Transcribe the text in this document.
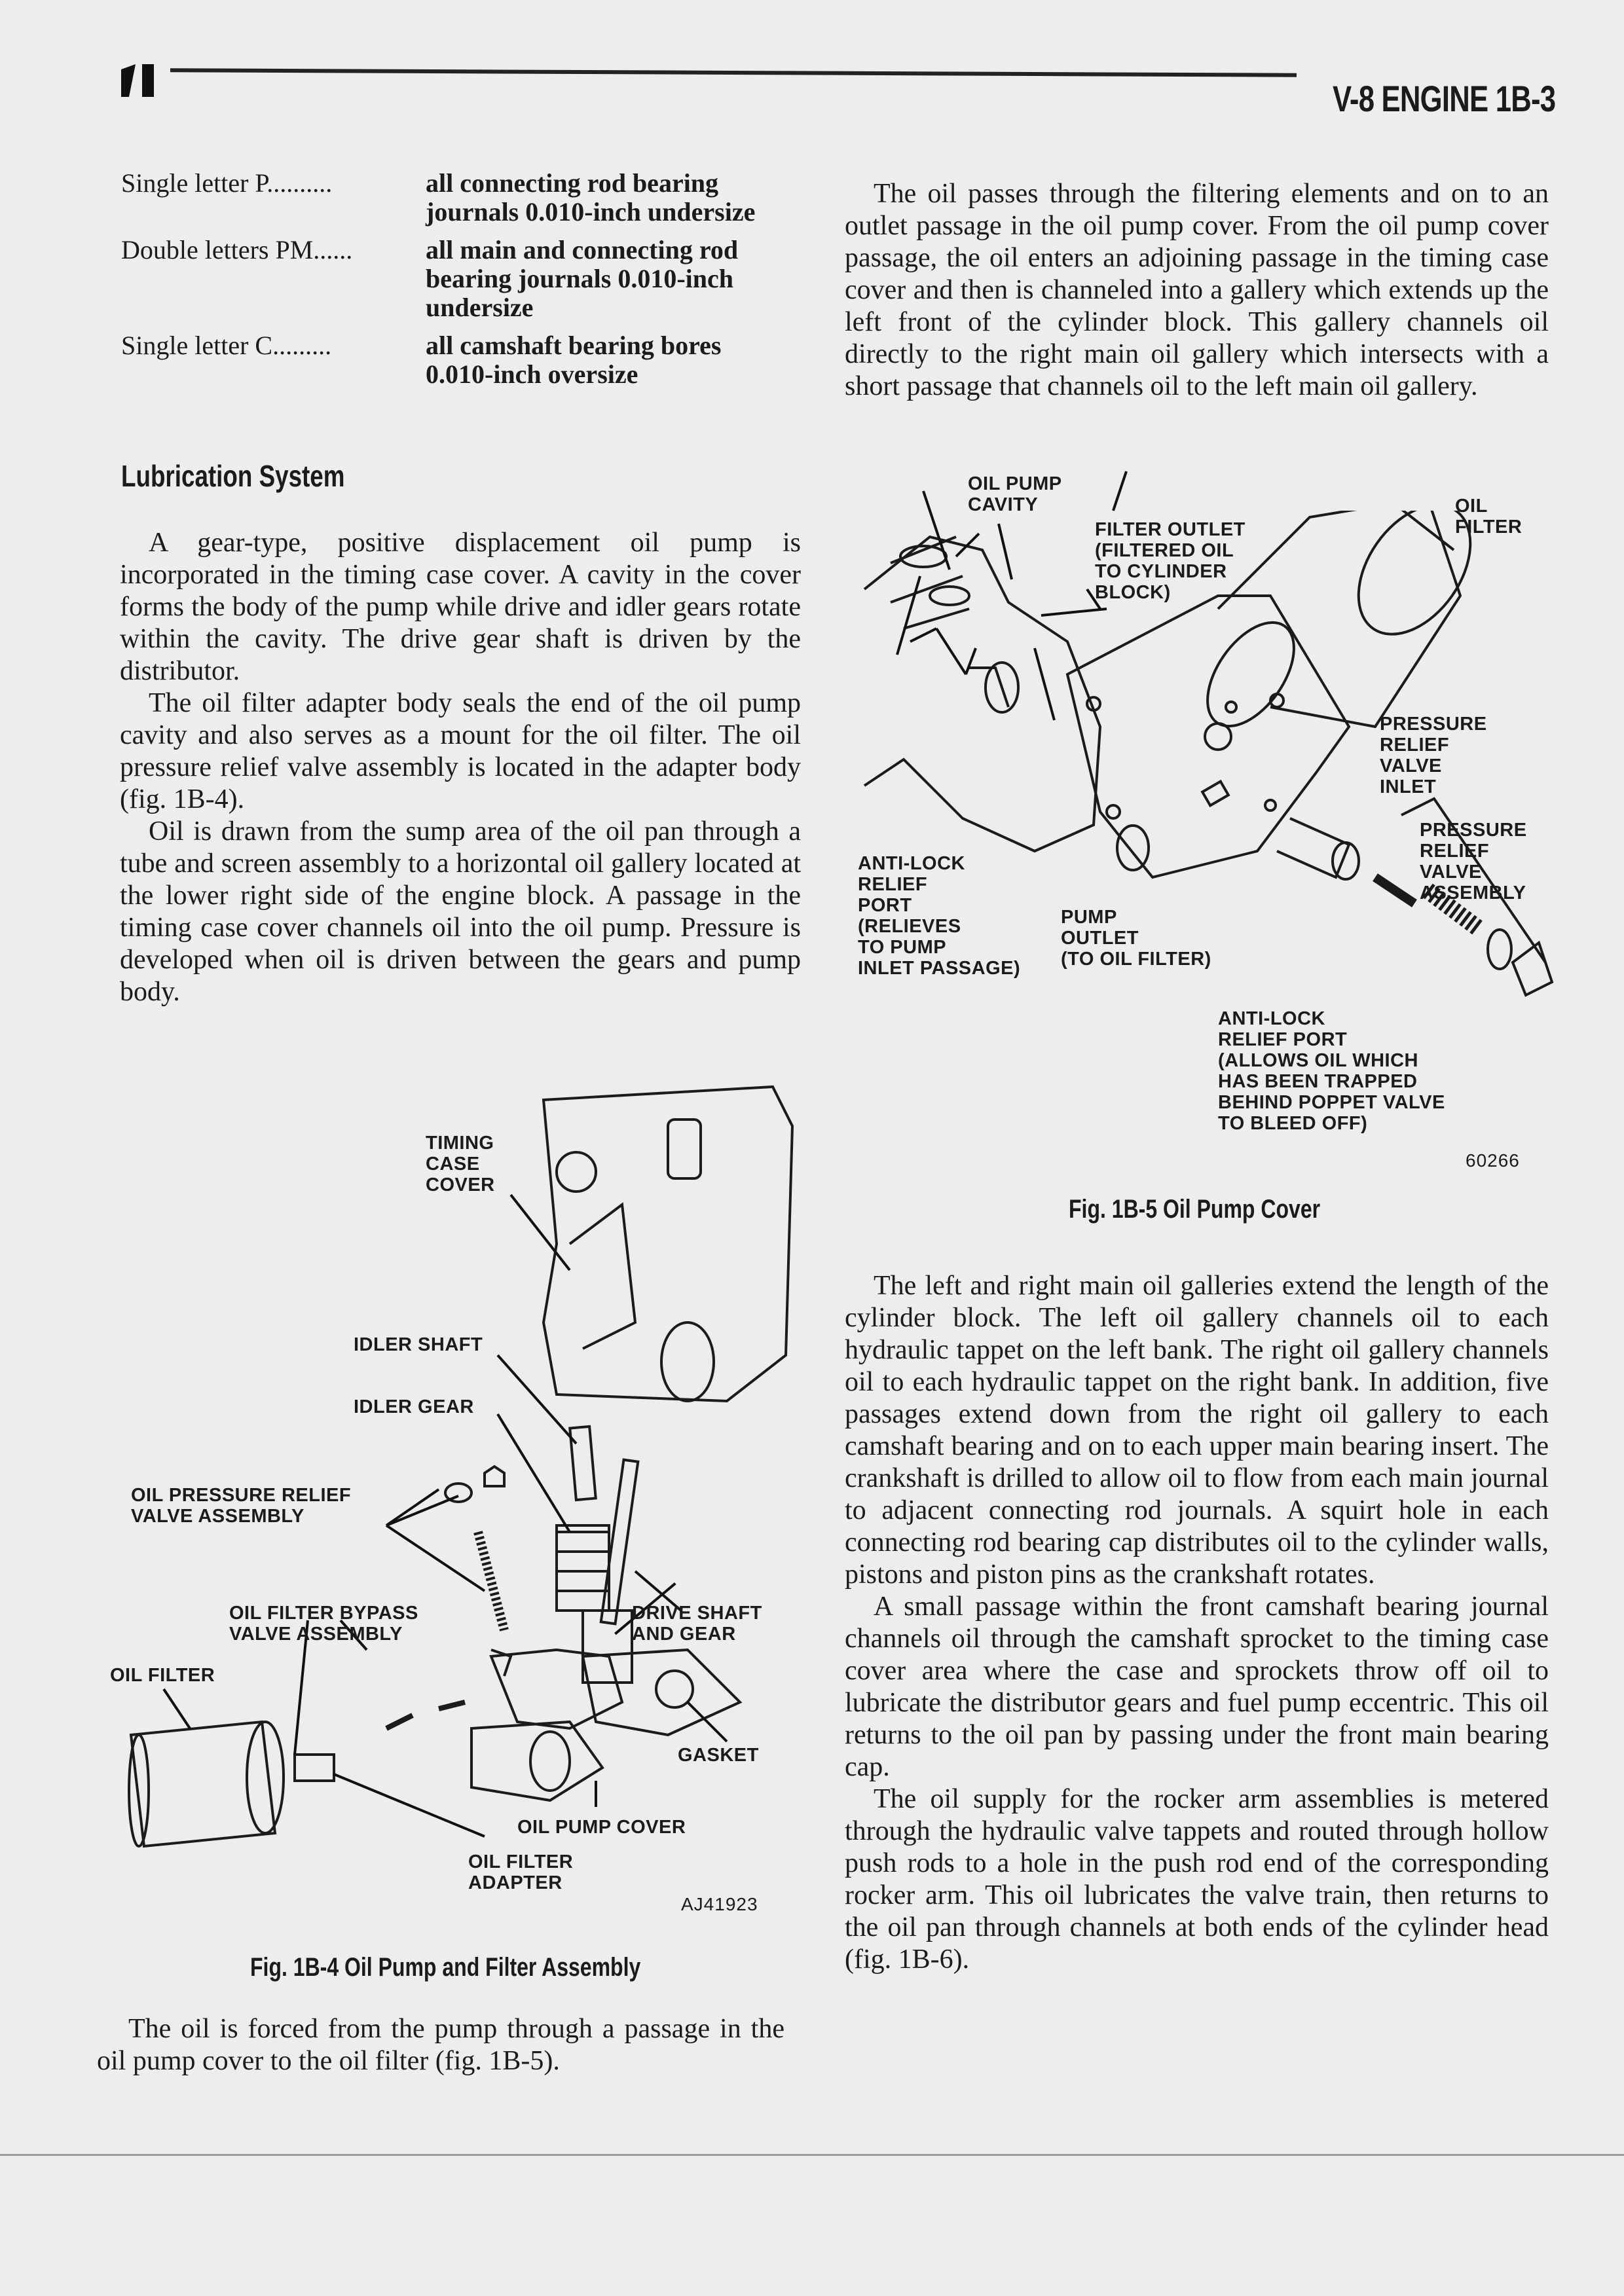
V-8 ENGINE 1B-3
Single letter P..........	all connecting rod bearing journals 0.010-inch undersize
Double letters PM......	all main and connecting rod bearing journals 0.010-inch undersize
Single letter C.........	all camshaft bearing bores 0.010-inch oversize
Lubrication System

A gear-type, positive displacement oil pump is incorporated in the timing case cover. A cavity in the cover forms the body of the pump while drive and idler gears rotate within the cavity. The drive gear shaft is driven by the distributor.

The oil filter adapter body seals the end of the oil pump cavity and also serves as a mount for the oil filter. The oil pressure relief valve assembly is located in the adapter body (fig. 1B-4).

Oil is drawn from the sump area of the oil pan through a tube and screen assembly to a horizontal oil gallery located at the lower right side of the engine block. A passage in the timing case cover channels oil into the oil pump. Pressure is developed when oil is driven between the gears and pump body.

The oil passes through the filtering elements and on to an outlet passage in the oil pump cover. From the oil pump cover passage, the oil enters an adjoining passage in the timing case cover and then is channeled into a gallery which extends up the left front of the cylinder block. This gallery channels oil directly to the right main oil gallery which intersects with a short passage that channels oil to the left main oil gallery.

OIL PUMP
CAVITY
FILTER OUTLET
(FILTERED OIL
TO CYLINDER
BLOCK)
OIL
FILTER
PRESSURE
RELIEF
VALVE
INLET
PRESSURE
RELIEF
VALVE
ASSEMBLY
ANTI-LOCK
RELIEF
PORT
(RELIEVES
TO PUMP
INLET PASSAGE)
PUMP
OUTLET
(TO OIL FILTER)
ANTI-LOCK
RELIEF PORT
(ALLOWS OIL WHICH
HAS BEEN TRAPPED
BEHIND POPPET VALVE
TO BLEED OFF)
60266
Fig. 1B-5 Oil Pump Cover

The left and right main oil galleries extend the length of the cylinder block. The left oil gallery channels oil to each hydraulic tappet on the left bank. The right oil gallery channels oil to each hydraulic tappet on the right bank. In addition, five passages extend down from the right oil gallery to each camshaft bearing and on to each upper main bearing insert. The crankshaft is drilled to allow oil to flow from each main journal to adjacent connecting rod journals. A squirt hole in each connecting rod bearing cap distributes oil to the cylinder walls, pistons and piston pins as the crankshaft rotates.

A small passage within the front camshaft bearing journal channels oil through the camshaft sprocket to the timing case cover area where the case and sprockets throw off oil to lubricate the distributor gears and fuel pump eccentric. This oil returns to the oil pan by passing under the front main bearing cap.

The oil supply for the rocker arm assemblies is metered through the hydraulic valve tappets and routed through hollow push rods to a hole in the push rod end of the corresponding rocker arm. This oil lubricates the valve train, then returns to the oil pan through channels at both ends of the cylinder head (fig. 1B-6).

TIMING
CASE
COVER
IDLER SHAFT
IDLER GEAR
OIL PRESSURE RELIEF
VALVE ASSEMBLY
OIL FILTER BYPASS
VALVE ASSEMBLY
OIL FILTER
DRIVE SHAFT
AND GEAR
GASKET
OIL PUMP COVER
OIL FILTER
ADAPTER
AJ41923
Fig. 1B-4 Oil Pump and Filter Assembly

The oil is forced from the pump through a passage in the oil pump cover to the oil filter (fig. 1B-5).
